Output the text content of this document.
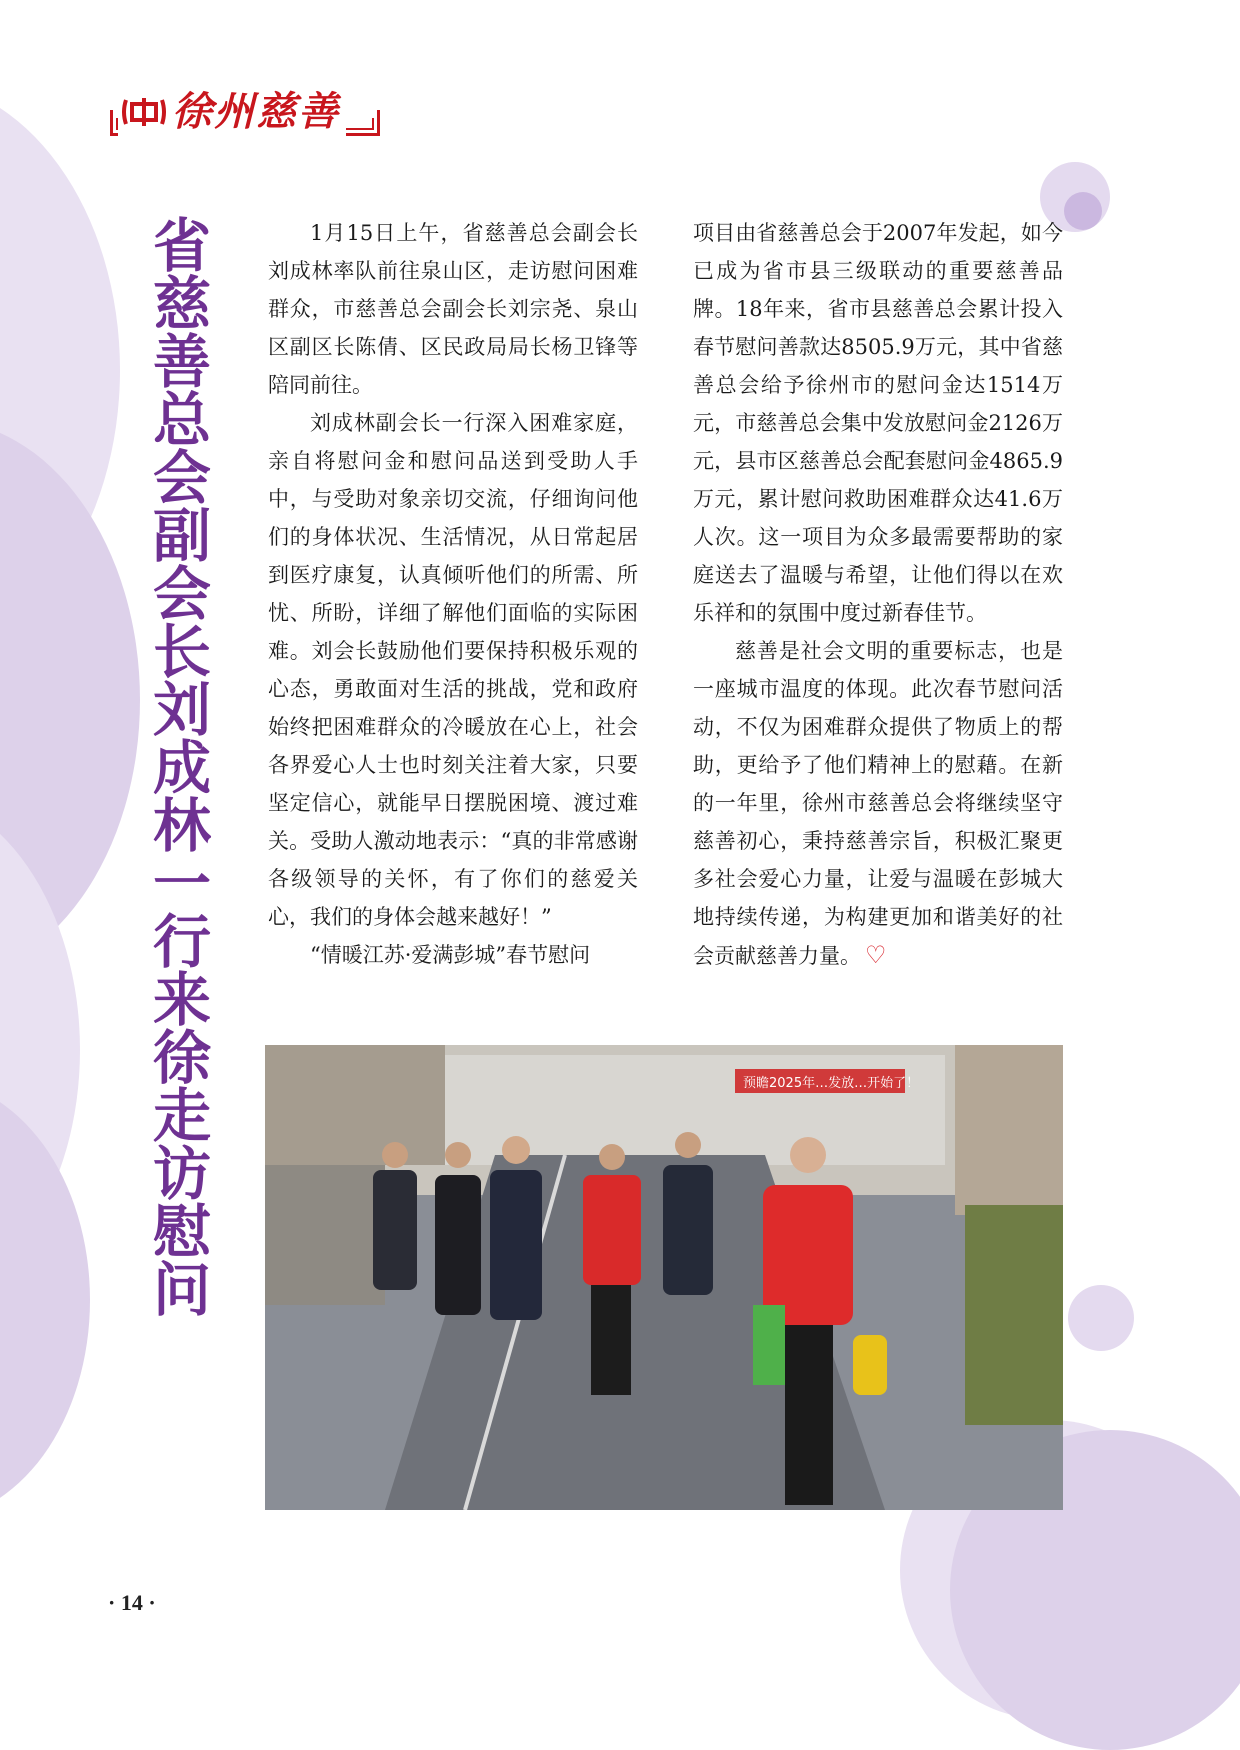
徐州慈善
省慈善总会副会长刘成林一行来徐走访慰问	1月15日上午，省慈善总会副会长刘成林率队前往泉山区，走访慰问困难群众，市慈善总会副会长刘宗尧、泉山区副区长陈倩、区民政局局长杨卫锋等陪同前往。

刘成林副会长一行深入困难家庭，亲自将慰问金和慰问品送到受助人手中，与受助对象亲切交流，仔细询问他们的身体状况、生活情况，从日常起居到医疗康复，认真倾听他们的所需、所忧、所盼，详细了解他们面临的实际困难。刘会长鼓励他们要保持积极乐观的心态，勇敢面对生活的挑战，党和政府始终把困难群众的冷暖放在心上，社会各界爱心人士也时刻关注着大家，只要坚定信心，就能早日摆脱困境、渡过难关。受助人激动地表示：“真的非常感谢各级领导的关怀，有了你们的慈爱关心，我们的身体会越来越好！”

“情暖江苏·爱满彭城”春节慰问

项目由省慈善总会于2007年发起，如今已成为省市县三级联动的重要慈善品牌。18年来，省市县慈善总会累计投入春节慰问善款达8505.9万元，其中省慈善总会给予徐州市的慰问金达1514万元，市慈善总会集中发放慰问金2126万元，县市区慈善总会配套慰问金4865.9万元，累计慰问救助困难群众达41.6万人次。这一项目为众多最需要帮助的家庭送去了温暖与希望，让他们得以在欢乐祥和的氛围中度过新春佳节。

慈善是社会文明的重要标志，也是一座城市温度的体现。此次春节慰问活动，不仅为困难群众提供了物质上的帮助，更给予了他们精神上的慰藉。在新的一年里，徐州市慈善总会将继续坚守慈善初心，秉持慈善宗旨，积极汇聚更多社会爱心力量，让爱与温暖在彭城大地持续传递，为构建更加和谐美好的社会贡献慈善力量。 ♡

预瞻2025年…发放…开始了！
· 14 ·
